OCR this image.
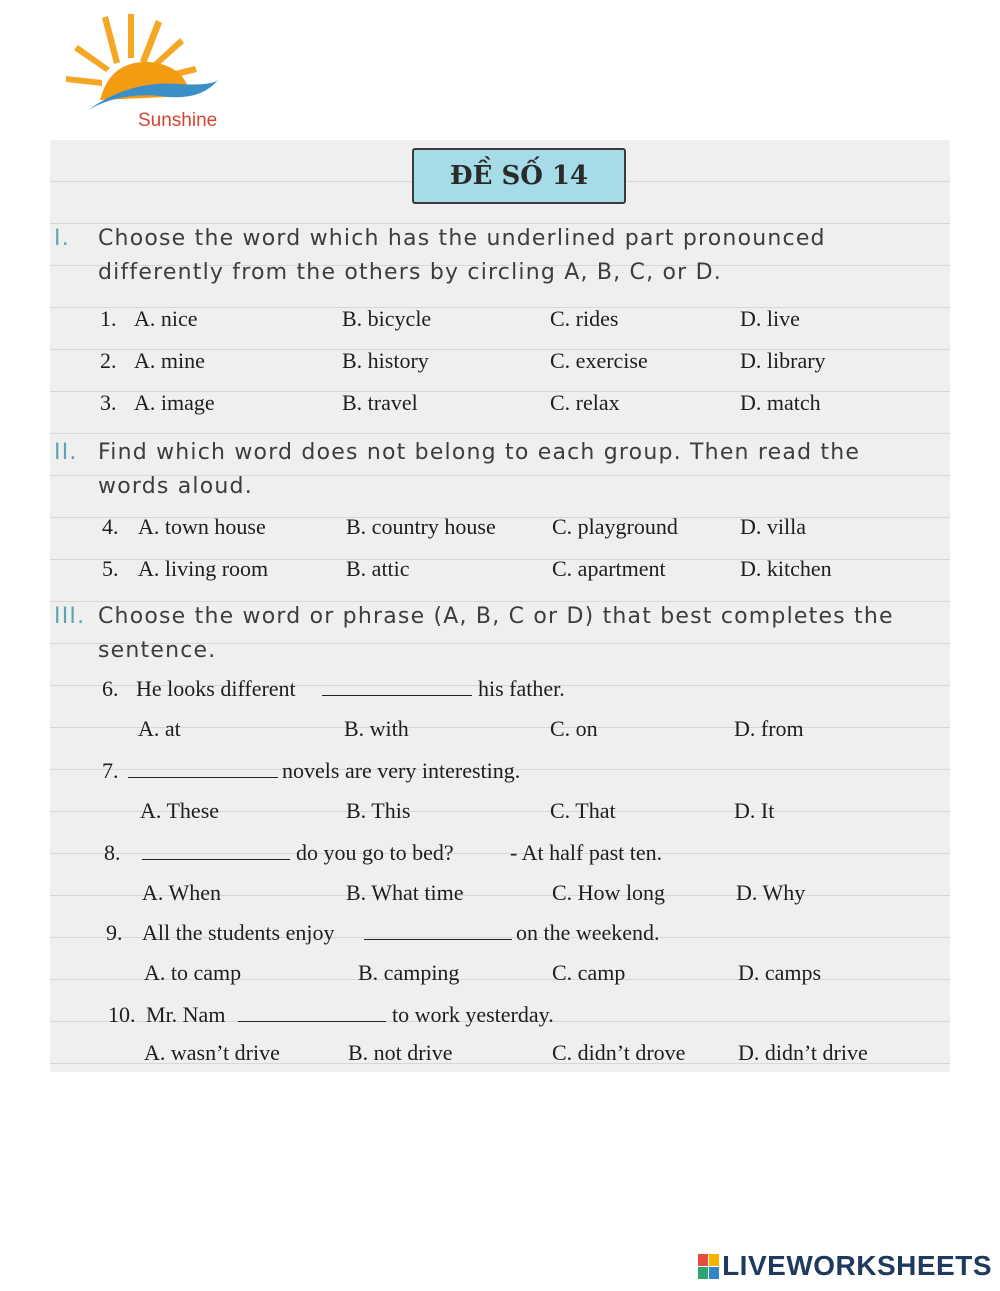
Sunshine
ĐỀ SỐ 14
I. Choose the word which has the underlined part pronounced
differently from the others by circling A, B, C, or D.
1. A. nice	B. bicycle	C. rides	D. live
2. A. mine	B. history	C. exercise	D. library
3. A. image	B. travel	C. relax	D. match
II. Find which word does not belong to each group. Then read the
words aloud.
4. A. town house	B. country house	C. playground	D. villa
5. A. living room	B. attic	C. apartment	D. kitchen
III. Choose the word or phrase (A, B, C or D) that best completes the
sentence.
6. He looks different	his father.
A. at	B. with	C. on	D. from
7.	novels are very interesting.
A. These	B. This	C. That	D. It
8.	do you go to bed?	- At half past ten.
A. When	B. What time	C. How long	D. Why
9. All the students enjoy	on the weekend.
A. to camp	B. camping	C. camp	D. camps
10. Mr. Nam	to work yesterday.
A. wasn’t drive	B. not drive	C. didn’t drove D. didn’t drive
LIVEWORKSHEETS
